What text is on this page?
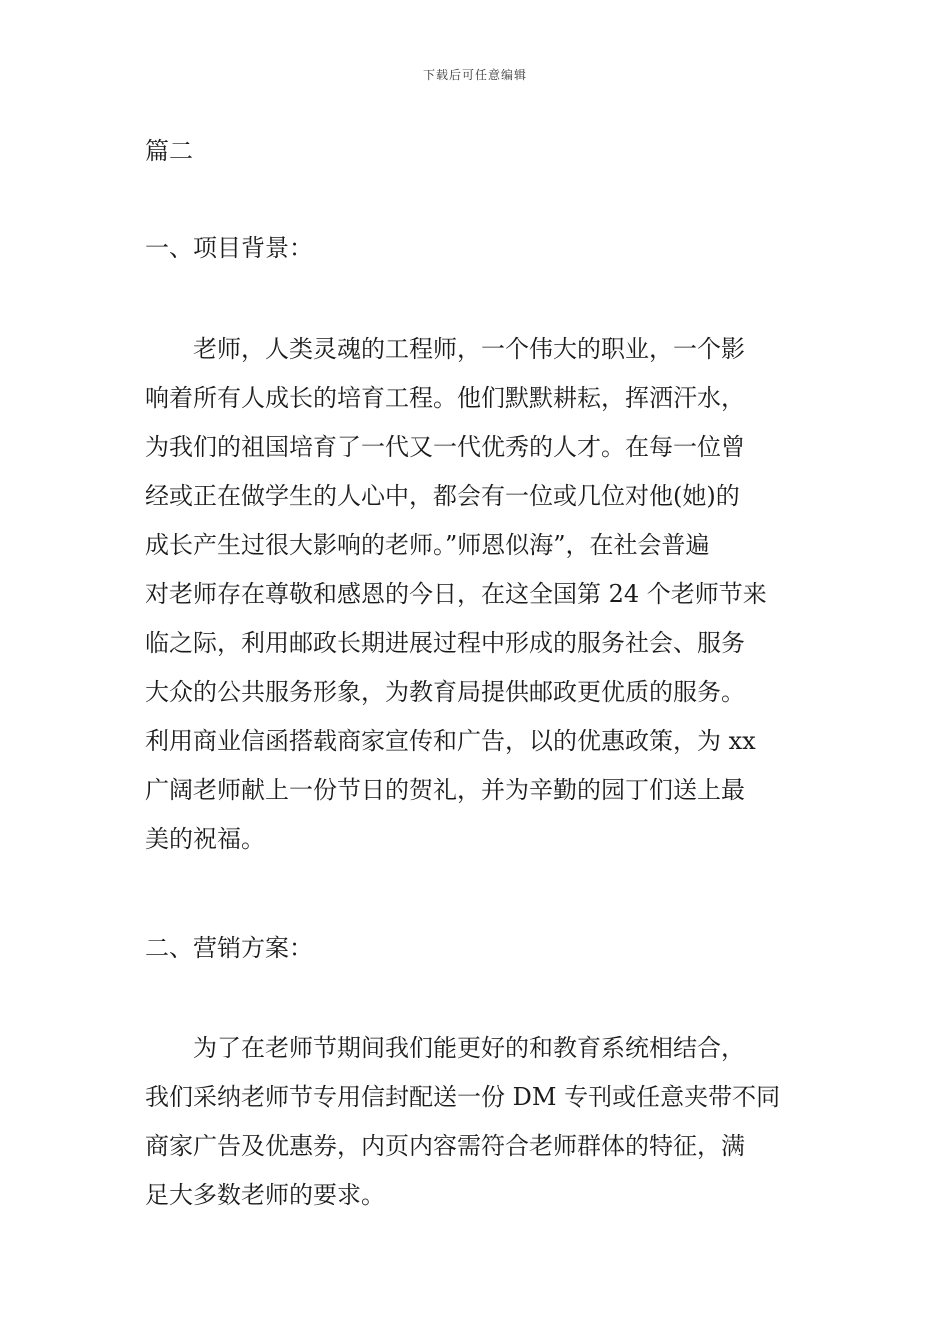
下载后可任意编辑
篇二
一、项目背景：
　　老师，人类灵魂的工程师，一个伟大的职业，一个影
响着所有人成长的培育工程。他们默默耕耘，挥洒汗水，
为我们的祖国培育了一代又一代优秀的人才。在每一位曾
经或正在做学生的人心中，都会有一位或几位对他(她)的
成长产生过很大影响的老师。”师恩似海”，在社会普遍
对老师存在尊敬和感恩的今日，在这全国第 24 个老师节来
临之际，利用邮政长期进展过程中形成的服务社会、服务
大众的公共服务形象，为教育局提供邮政更优质的服务。
利用商业信函搭载商家宣传和广告，以的优惠政策，为 xx
广阔老师献上一份节日的贺礼，并为辛勤的园丁们送上最
美的祝福。
二、营销方案：
　　为了在老师节期间我们能更好的和教育系统相结合，
我们采纳老师节专用信封配送一份 DM 专刊或任意夹带不同
商家广告及优惠券，内页内容需符合老师群体的特征，满
足大多数老师的要求。
